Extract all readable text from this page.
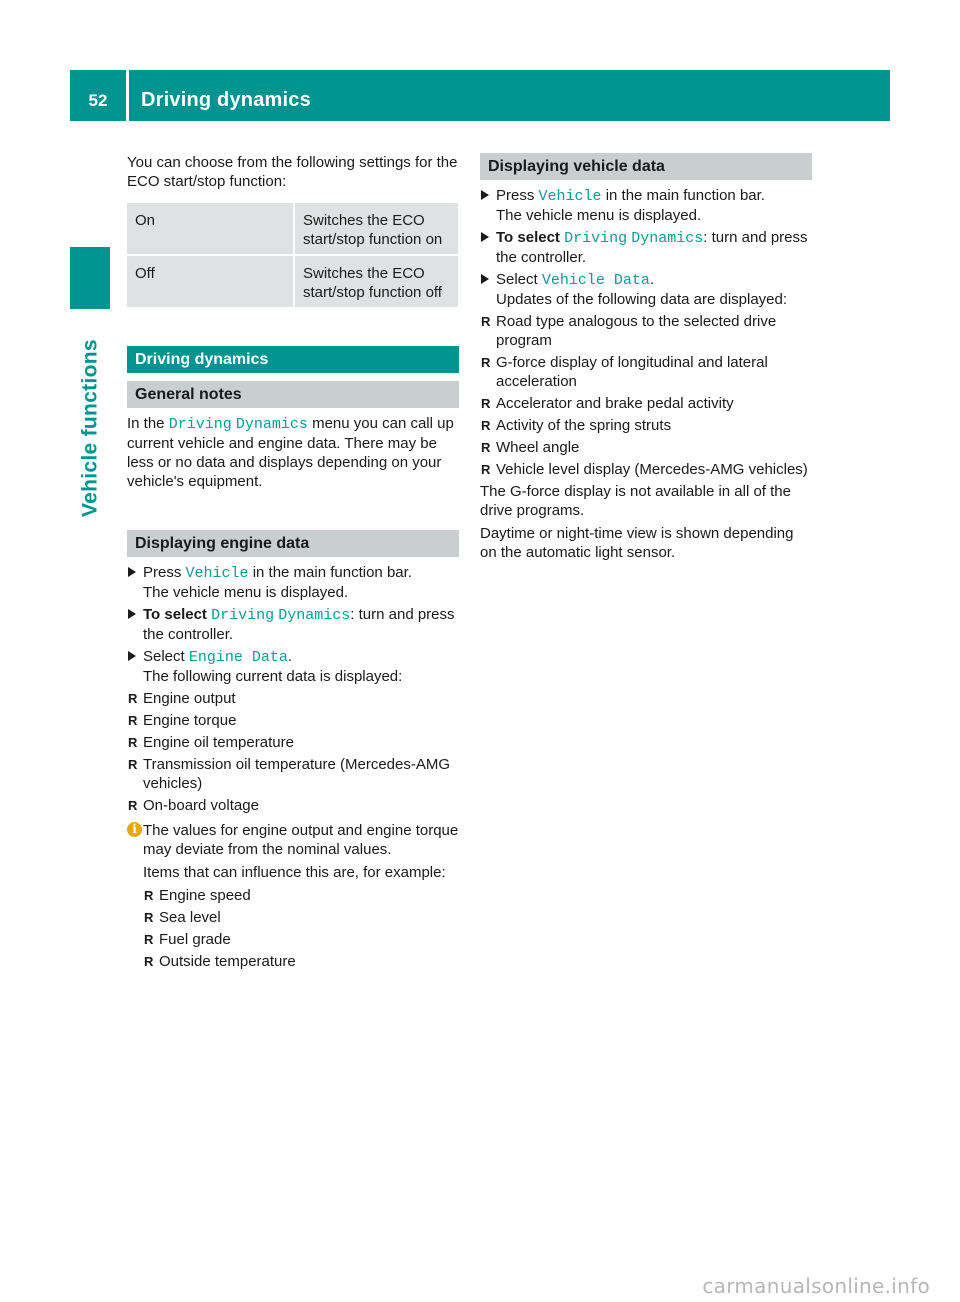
52	Driving dynamics
Vehicle functions

You can choose from the following settings for the ECO start/stop function:

On	Switches the ECO start/stop function on
Off	Switches the ECO start/stop function off
Driving dynamics
General notes

In the Driving Dynamics menu you can call up current vehicle and engine data. There may be less or no data and displays depending on your vehicle's equipment.

Displaying engine data
Press Vehicle in the main function bar.
The vehicle menu is displayed.
To select Driving Dynamics: turn and press the controller.
Select Engine Data.
The following current data is displayed:
R Engine output
R Engine torque
R Engine oil temperature
R Transmission oil temperature (Mercedes-AMG vehicles)
R On-board voltage
i The values for engine output and engine torque may deviate from the nominal values.

Items that can influence this are, for example:

R Engine speed
R Sea level
R Fuel grade
R Outside temperature
Displaying vehicle data
Press Vehicle in the main function bar.
The vehicle menu is displayed.
To select Driving Dynamics: turn and press the controller.
Select Vehicle Data.
Updates of the following data are displayed:
R Road type analogous to the selected drive program
R G-force display of longitudinal and lateral acceleration
R Accelerator and brake pedal activity
R Activity of the spring struts
R Wheel angle
R Vehicle level display (Mercedes-AMG vehicles)

The G-force display is not available in all of the drive programs.

Daytime or night-time view is shown depending on the automatic light sensor.

carmanualsonline.info
